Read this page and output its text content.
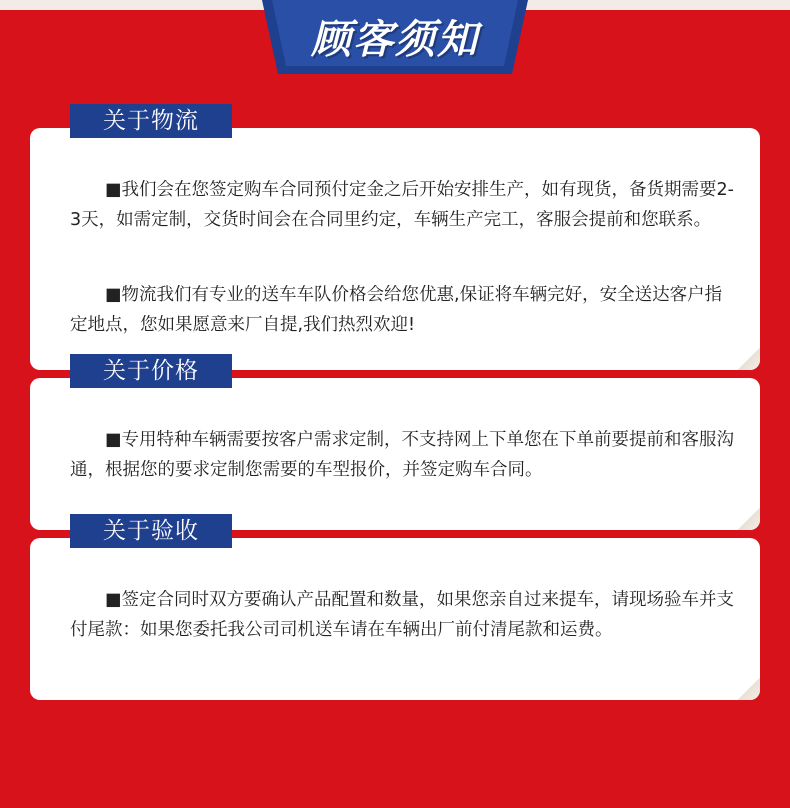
顾客须知
关于物流

■我们会在您签定购车合同预付定金之后开始安排生产，如有现货，备货期需要2-3天，如需定制，交货时间会在合同里约定，车辆生产完工，客服会提前和您联系。

■物流我们有专业的送车车队价格会给您优惠,保证将车辆完好，安全送达客户指定地点，您如果愿意来厂自提,我们热烈欢迎!

关于价格

■专用特种车辆需要按客户需求定制，不支持网上下单您在下单前要提前和客服沟通，根据您的要求定制您需要的车型报价，并签定购车合同。

关于验收

■签定合同时双方要确认产品配置和数量，如果您亲自过来提车，请现场验车并支付尾款：如果您委托我公司司机送车请在车辆出厂前付清尾款和运费。
